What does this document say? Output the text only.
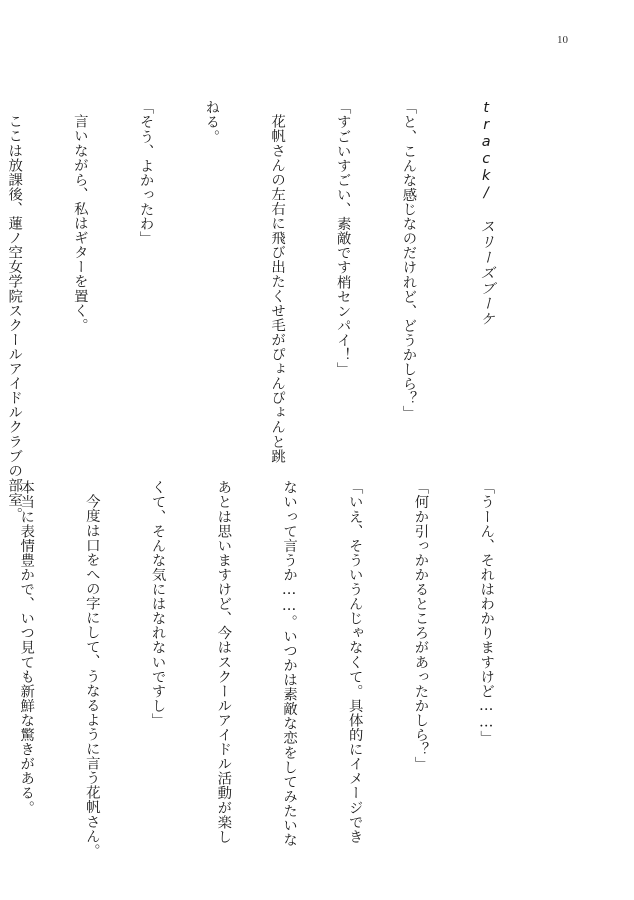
10

track/ スリーズブーケ

「と、こんな感じなのだけれど、どうかしら？」

「すごいすごい、素敵です梢センパイ！」

花帆さんの左右に飛び出たくせ毛がぴょんぴょんと跳

ねる。

「そう、よかったわ」

言いながら、私はギターを置く。

ここは放課後、蓮ノ空女学院スクールアイドルクラブの部室。

「うーん、それはわかりますけど……」

「何か引っかかるところがあったかしら？」

「いえ、そういうんじゃなくて。具体的にイメージでき

ないって言うか……。いつかは素敵な恋をしてみたいな

あとは思いますけど、今はスクールアイドル活動が楽し

くて、そんな気にはなれないですし」

今度は口をへの字にして、うなるように言う花帆さん。

本当に表情豊かで、いつ見ても新鮮な驚きがある。
